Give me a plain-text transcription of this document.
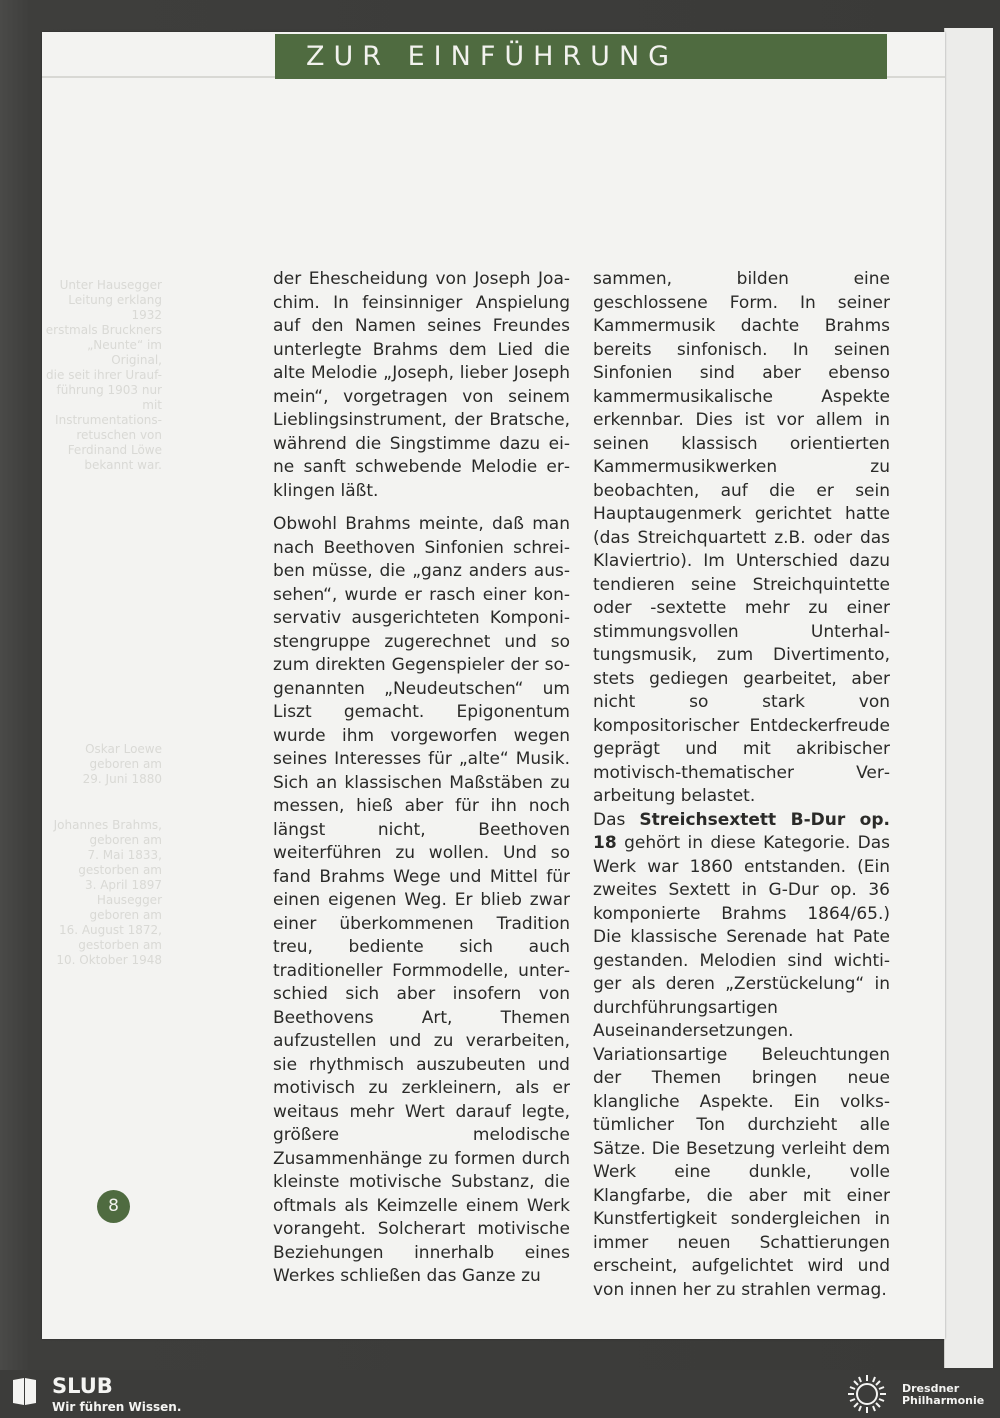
ZUR EINFÜHRUNG
Unter Hausegger
Leitung erklang 1932
erstmals Bruckners
„Neunte“ im Original,
die seit ihrer Urauf-
führung 1903 nur mit
Instrumentations-
retuschen von
Ferdinand Löwe
bekannt war.
Oskar Loewe
geboren am
29. Juni 1880
Johannes Brahms,
geboren am
7. Mai 1833,
gestorben am
3. April 1897
Hausegger
geboren am
16. August 1872,
gestorben am
10. Oktober 1948

der Ehescheidung von Joseph Joachim. In feinsinniger Anspielung auf den Namen seines Freundes unterlegte Brahms dem Lied die alte Melodie „Joseph, lieber Joseph mein“, vorgetragen von seinem Lieblingsinstrument, der Bratsche, während die Singstimme dazu eine sanft schwebende Melodie erklingen läßt.

Obwohl Brahms meinte, daß man nach Beethoven Sinfonien schreiben müsse, die „ganz anders aussehen“, wurde er rasch einer konservativ ausgerichteten Komponistengruppe zugerechnet und so zum direkten Gegenspieler der sogenannten „Neudeutschen“ um Liszt gemacht. Epigonentum wurde ihm vorgeworfen wegen seines Interesses für „alte“ Musik. Sich an klassischen Maßstäben zu messen, hieß aber für ihn noch längst nicht,	Beethoven weiterführen zu wollen. Und so fand Brahms Wege und Mittel für einen eigenen Weg. Er blieb zwar einer überkommenen Tradition treu, bediente sich auch traditioneller Formmodelle, unterschied sich aber insofern von Beethovens Art, Themen aufzustellen und zu verarbeiten, sie rhythmisch auszubeuten und motivisch zu zerkleinern, als er weitaus mehr Wert darauf legte, größere melodische Zusammenhänge zu formen durch kleinste motivische Substanz, die oftmals als Keimzelle einem Werk vorangeht. Solcherart motivische Beziehungen innerhalb eines Werkes schließen das Ganze zu

sammen, bilden eine geschlossene Form. In seiner Kammermusik dachte Brahms bereits sinfonisch. In seinen Sinfonien sind aber ebenso kammermusikalische Aspekte erkennbar. Dies ist vor allem in seinen klassisch orientierten Kammermusikwerken zu beobachten, auf die er sein Hauptaugenmerk gerichtet hatte (das Streichquartett z.B. oder das Klaviertrio). Im Unterschied dazu tendieren seine Streichquintette oder -sextette mehr zu einer stimmungsvollen Unterhaltungsmusik, zum Divertimento, stets gediegen gearbeitet, aber nicht so	stark von kompositorischer Entdeckerfreude geprägt und mit akribischer motivisch-thematischer Verarbeitung belastet.

Das Streichsextett B-Dur op. 18 gehört in diese Kategorie. Das Werk war 1860 entstanden. (Ein zweites Sextett in G-Dur op. 36 komponierte Brahms 1864/65.) Die klassische Serenade hat Pate gestanden. Melodien sind wichtiger als deren „Zerstückelung“ in durchführungsartigen Auseinandersetzungen. Variationsartige Beleuchtungen der Themen bringen neue klangliche Aspekte. Ein volkstümlicher Ton durchzieht alle Sätze. Die Besetzung verleiht dem Werk eine dunkle, volle Klangfarbe, die aber mit einer Kunstfertigkeit sondergleichen in immer neuen Schattierungen erscheint, aufgelichtet wird und von innen her zu strahlen vermag.

8
SLUB
Wir führen Wissen.
Dresdner
Philharmonie
